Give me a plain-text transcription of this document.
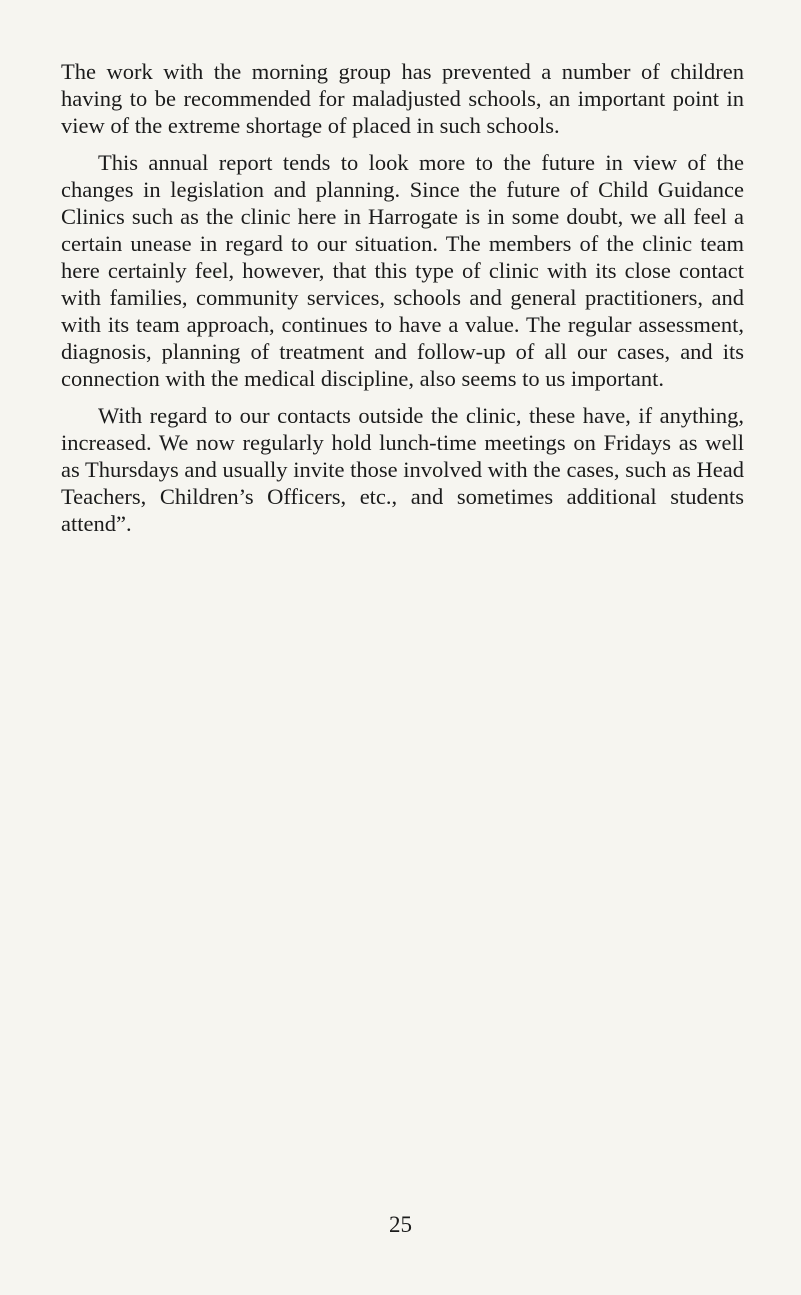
The work with the morning group has prevented a number of children having to be recommended for maladjusted schools, an important point in view of the extreme shortage of placed in such schools.

This annual report tends to look more to the future in view of the changes in legislation and planning. Since the future of Child Guidance Clinics such as the clinic here in Harrogate is in some doubt, we all feel a certain unease in regard to our situation. The members of the clinic team here certainly feel, however, that this type of clinic with its close contact with families, community services, schools and general practitioners, and with its team approach, continues to have a value. The regular assessment, diagnosis, planning of treatment and follow-up of all our cases, and its connection with the medical discipline, also seems to us important.

With regard to our contacts outside the clinic, these have, if anything, increased. We now regularly hold lunch-time meetings on Fridays as well as Thursdays and usually invite those involved with the cases, such as Head Teachers, Children’s Officers, etc., and sometimes additional students attend”.

25
